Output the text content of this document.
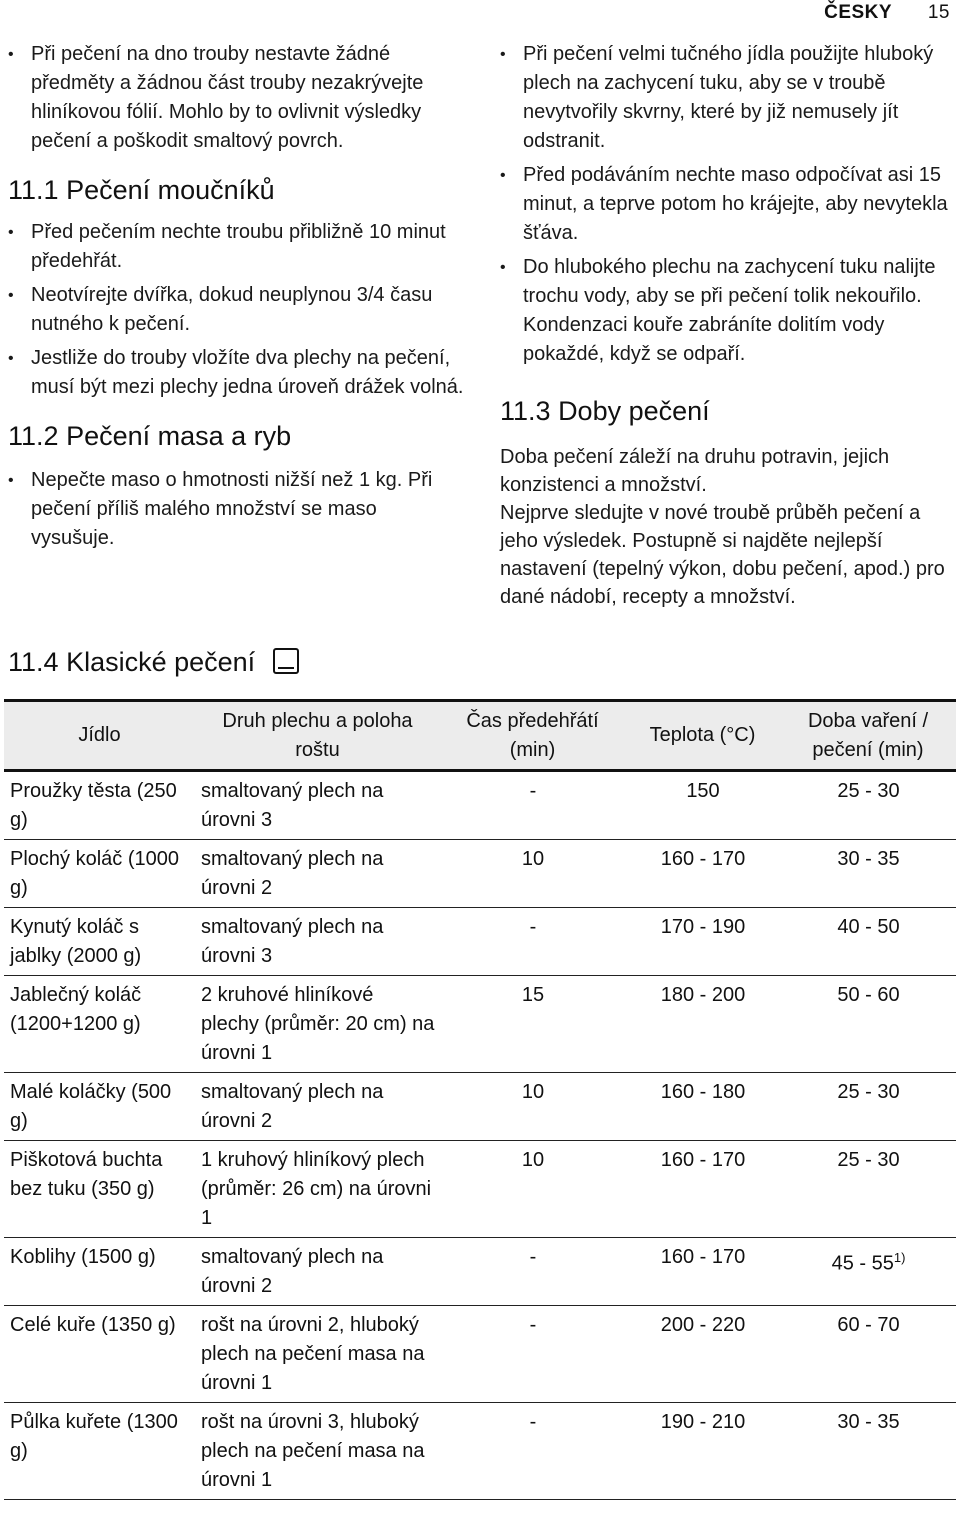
ČESKY 15
• Při pečení na dno trouby nestavte žádné předměty a žádnou část trouby nezakrývejte hliníkovou fólií. Mohlo by to ovlivnit výsledky pečení a poškodit smaltový povrch.
11.1 Pečení moučníků
• Před pečením nechte troubu přibližně 10 minut předehřát.
• Neotvírejte dvířka, dokud neuplynou 3/4 času nutného k pečení.
• Jestliže do trouby vložíte dva plechy na pečení, musí být mezi plechy jedna úroveň drážek volná.
11.2 Pečení masa a ryb
• Nepečte maso o hmotnosti nižší než 1 kg. Při pečení příliš malého množství se maso vysušuje.
• Při pečení velmi tučného jídla použijte hluboký plech na zachycení tuku, aby se v troubě nevytvořily skvrny, které by již nemusely jít odstranit.
• Před podáváním nechte maso odpočívat asi 15 minut, a teprve potom ho krájejte, aby nevytekla šťáva.
• Do hlubokého plechu na zachycení tuku nalijte trochu vody, aby se při pečení tolik nekouřilo. Kondenzaci kouře zabráníte dolitím vody pokaždé, když se odpaří.
11.3 Doby pečení

Doba pečení záleží na druhu potravin, jejich konzistenci a množství.

Nejprve sledujte v nové troubě průběh pečení a jeho výsledek. Postupně si najděte nejlepší nastavení (tepelný výkon, dobu pečení, apod.) pro dané nádobí, recepty a množství.

11.4 Klasické pečení
Jídlo	Druh plechu a poloha roštu	Čas předehřátí (min)	Teplota (°C)	Doba vaření / pečení (min)
Proužky těsta (250 g)	smaltovaný plech na úrovni 3	-	150	25 - 30
Plochý koláč (1000 g)	smaltovaný plech na úrovni 2	10	160 - 170	30 - 35
Kynutý koláč s jablky (2000 g)	smaltovaný plech na úrovni 3	-	170 - 190	40 - 50
Jablečný koláč (1200+1200 g)	2 kruhové hliníkové plechy (průměr: 20 cm) na úrovni 1	15	180 - 200	50 - 60
Malé koláčky (500 g)	smaltovaný plech na úrovni 2	10	160 - 180	25 - 30
Piškotová buchta bez tuku (350 g)	1 kruhový hliníkový plech (průměr: 26 cm) na úrovni 1	10	160 - 170	25 - 30
Koblihy (1500 g)	smaltovaný plech na úrovni 2	-	160 - 170	45 - 55$^{1)}$
Celé kuře (1350 g)	rošt na úrovni 2, hluboký plech na pečení masa na úrovni 1	-	200 - 220	60 - 70
Půlka kuřete (1300 g)	rošt na úrovni 3, hluboký plech na pečení masa na úrovni 1	-	190 - 210	30 - 35
